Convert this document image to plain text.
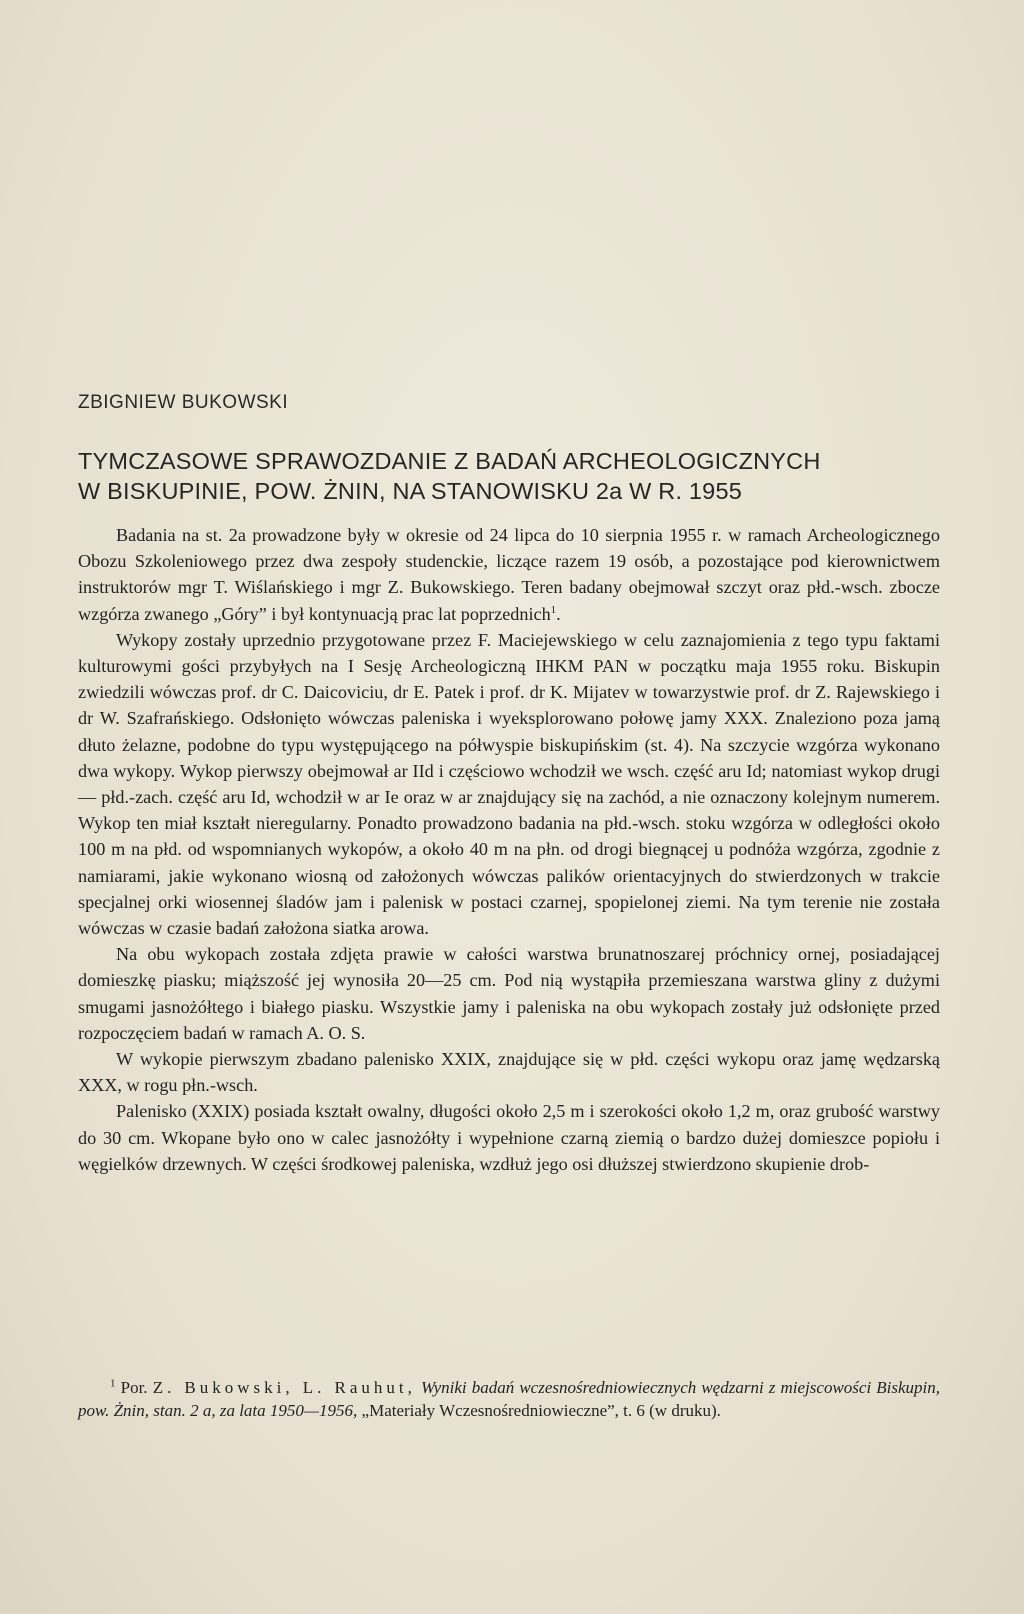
ZBIGNIEW BUKOWSKI
TYMCZASOWE SPRAWOZDANIE Z BADAŃ ARCHEOLOGICZNYCH
W BISKUPINIE, POW. ŻNIN, NA STANOWISKU 2a W R. 1955

Badania na st. 2a prowadzone były w okresie od 24 lipca do 10 sierpnia 1955 r. w ramach Archeologicznego Obozu Szkoleniowego przez dwa zespoły studenckie, liczące razem 19 osób, a pozostające pod kierownictwem instruktorów mgr T. Wiślańskiego i mgr Z. Bukowskiego. Teren badany obejmował szczyt oraz płd.-wsch. zbocze wzgórza zwanego „Góry” i był kontynuacją prac lat poprzednich$^1$.

Wykopy zostały uprzednio przygotowane przez F. Maciejewskiego w celu zaznajomienia z tego typu faktami kulturowymi gości przybyłych na I Sesję Archeologiczną IHKM PAN w początku maja 1955 roku. Biskupin zwiedzili wówczas prof. dr C. Daicoviciu, dr E. Patek i prof. dr K. Mijatev w towarzystwie prof. dr Z. Rajewskiego i dr W. Szafrańskiego. Odsłonięto wówczas paleniska i wyeksplorowano połowę jamy XXX. Znaleziono poza jamą dłuto żelazne, podobne do typu występującego na półwyspie biskupińskim (st. 4). Na szczycie wzgórza wykonano dwa wykopy. Wykop pierwszy obejmował ar IId i częściowo wchodził we wsch. część aru Id; natomiast wykop drugi — płd.-zach. część aru Id, wchodził w ar Ie oraz w ar znajdujący się na zachód, a nie oznaczony kolejnym numerem. Wykop ten miał kształt nieregularny. Ponadto prowadzono badania na płd.-wsch. stoku wzgórza w odległości około 100 m na płd. od wspomnianych wykopów, a około 40 m na płn. od drogi biegnącej u podnóża wzgórza, zgodnie z namiarami, jakie wykonano wiosną od założonych wówczas palików orientacyjnych do stwierdzonych w trakcie specjalnej orki wiosennej śladów jam i palenisk w postaci czarnej, spopielonej ziemi. Na tym terenie nie została wówczas w czasie badań założona siatka arowa.

Na obu wykopach została zdjęta prawie w całości warstwa brunatnoszarej próchnicy ornej, posiadającej domieszkę piasku; miąższość jej wynosiła 20—25 cm. Pod nią wystąpiła przemieszana warstwa gliny z dużymi smugami jasnożółtego i białego piasku. Wszystkie jamy i paleniska na obu wykopach zostały już odsłonięte przed rozpoczęciem badań w ramach A. O. S.

W wykopie pierwszym zbadano palenisko XXIX, znajdujące się w płd. części wykopu oraz jamę wędzarską XXX, w rogu płn.-wsch.

Palenisko (XXIX) posiada kształt owalny, długości około 2,5 m i szerokości około 1,2 m, oraz grubość warstwy do 30 cm. Wkopane było ono w calec jasnożółty i wypełnione czarną ziemią o bardzo dużej domieszce popiołu i węgielków drzewnych. W części środkowej paleniska, wzdłuż jego osi dłuższej stwierdzono skupienie drob-

$^1$ Por. Z. Bukowski, L. Rauhut, Wyniki badań wczesnośredniowiecznych wędzarni z miejscowości Biskupin, pow. Żnin, stan. 2 a, za lata 1950—1956, „Materiały Wczesnośredniowieczne”, t. 6 (w druku).
